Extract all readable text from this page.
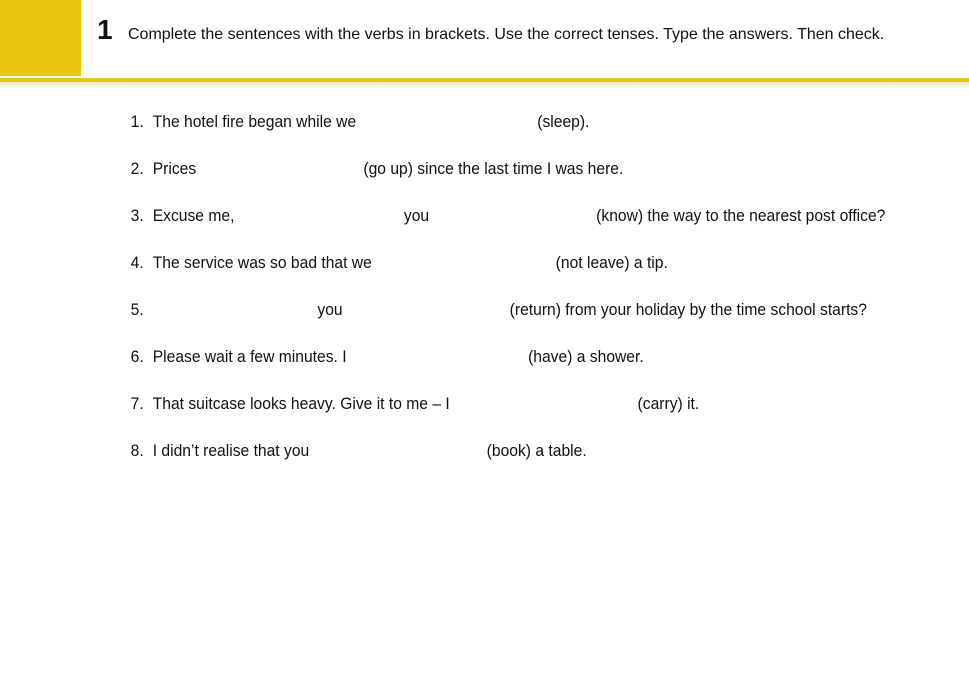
1 Complete the sentences with the verbs in brackets. Use the correct tenses. Type the answers. Then check.
1. The hotel fire began while we	(sleep).
2. Prices	(go up) since the last time I was here.
3. Excuse me,	you	(know) the way to the nearest post office?
4. The service was so bad that we	(not leave) a tip.
5.	you	(return) from your holiday by the time school starts?
6. Please wait a few minutes. I	(have) a shower.
7. That suitcase looks heavy. Give it to me – I	(carry) it.
8. I didn’t realise that you	(book) a table.
